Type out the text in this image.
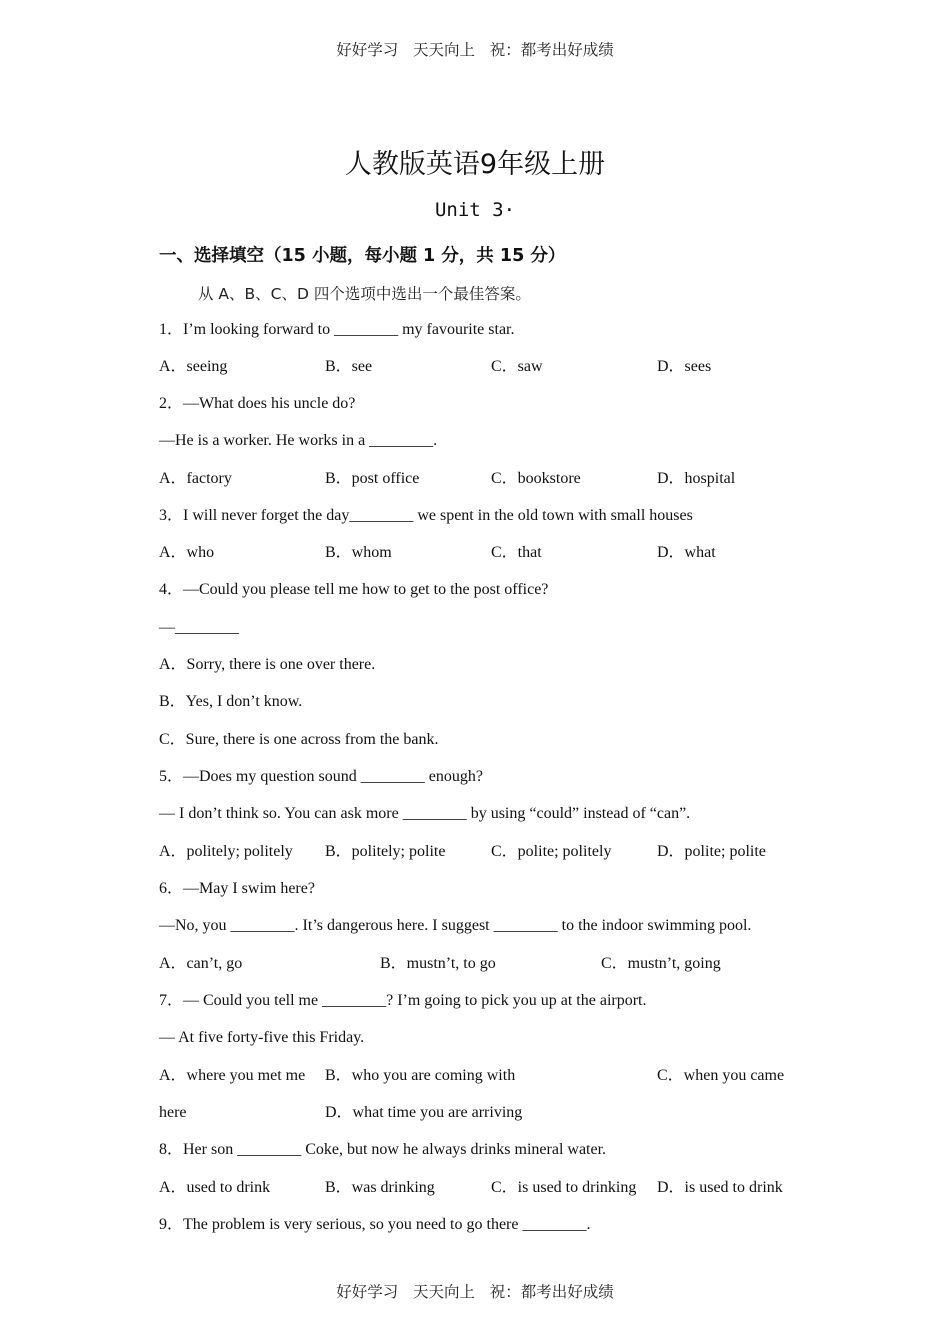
好好学习   天天向上   祝：都考出好成绩
人教版英语9年级上册
Unit 3·
一、选择填空（15 小题，每小题 1 分，共 15 分）
从 A、B、C、D 四个选项中选出一个最佳答案。
1．I’m looking forward to ________ my favourite star.
A．seeing	B．see	C．saw	D．sees
2．—What does his uncle do?
—He is a worker. He works in a ________.
A．factory	B．post office	C．bookstore	D．hospital
3．I will never forget the day________ we spent in the old town with small houses
A．who	B．whom	C．that	D．what
4．—Could you please tell me how to get to the post office?
—________
A．Sorry, there is one over there.
B．Yes, I don’t know.
C．Sure, there is one across from the bank.
5．—Does my question sound ________ enough?
— I don’t think so. You can ask more ________ by using “could” instead of “can”.
A．politely; politely B．politely; polite	C．polite; politely	D．polite; polite
6．—May I swim here?
—No, you ________. It’s dangerous here. I suggest ________ to the indoor swimming pool.
A．can’t, go	B．mustn’t, to go	C．mustn’t, going
7．— Could you tell me ________? I’m going to pick you up at the airport.
— At five forty-five this Friday.
A．where you met me B．who you are coming with	C．when you came
here	D．what time you are arriving
8．Her son ________ Coke, but now he always drinks mineral water.
A．used to drink	B．was drinking	C．is used to drinking D．is used to drink
9．The problem is very serious, so you need to go there ________.
好好学习   天天向上   祝：都考出好成绩
